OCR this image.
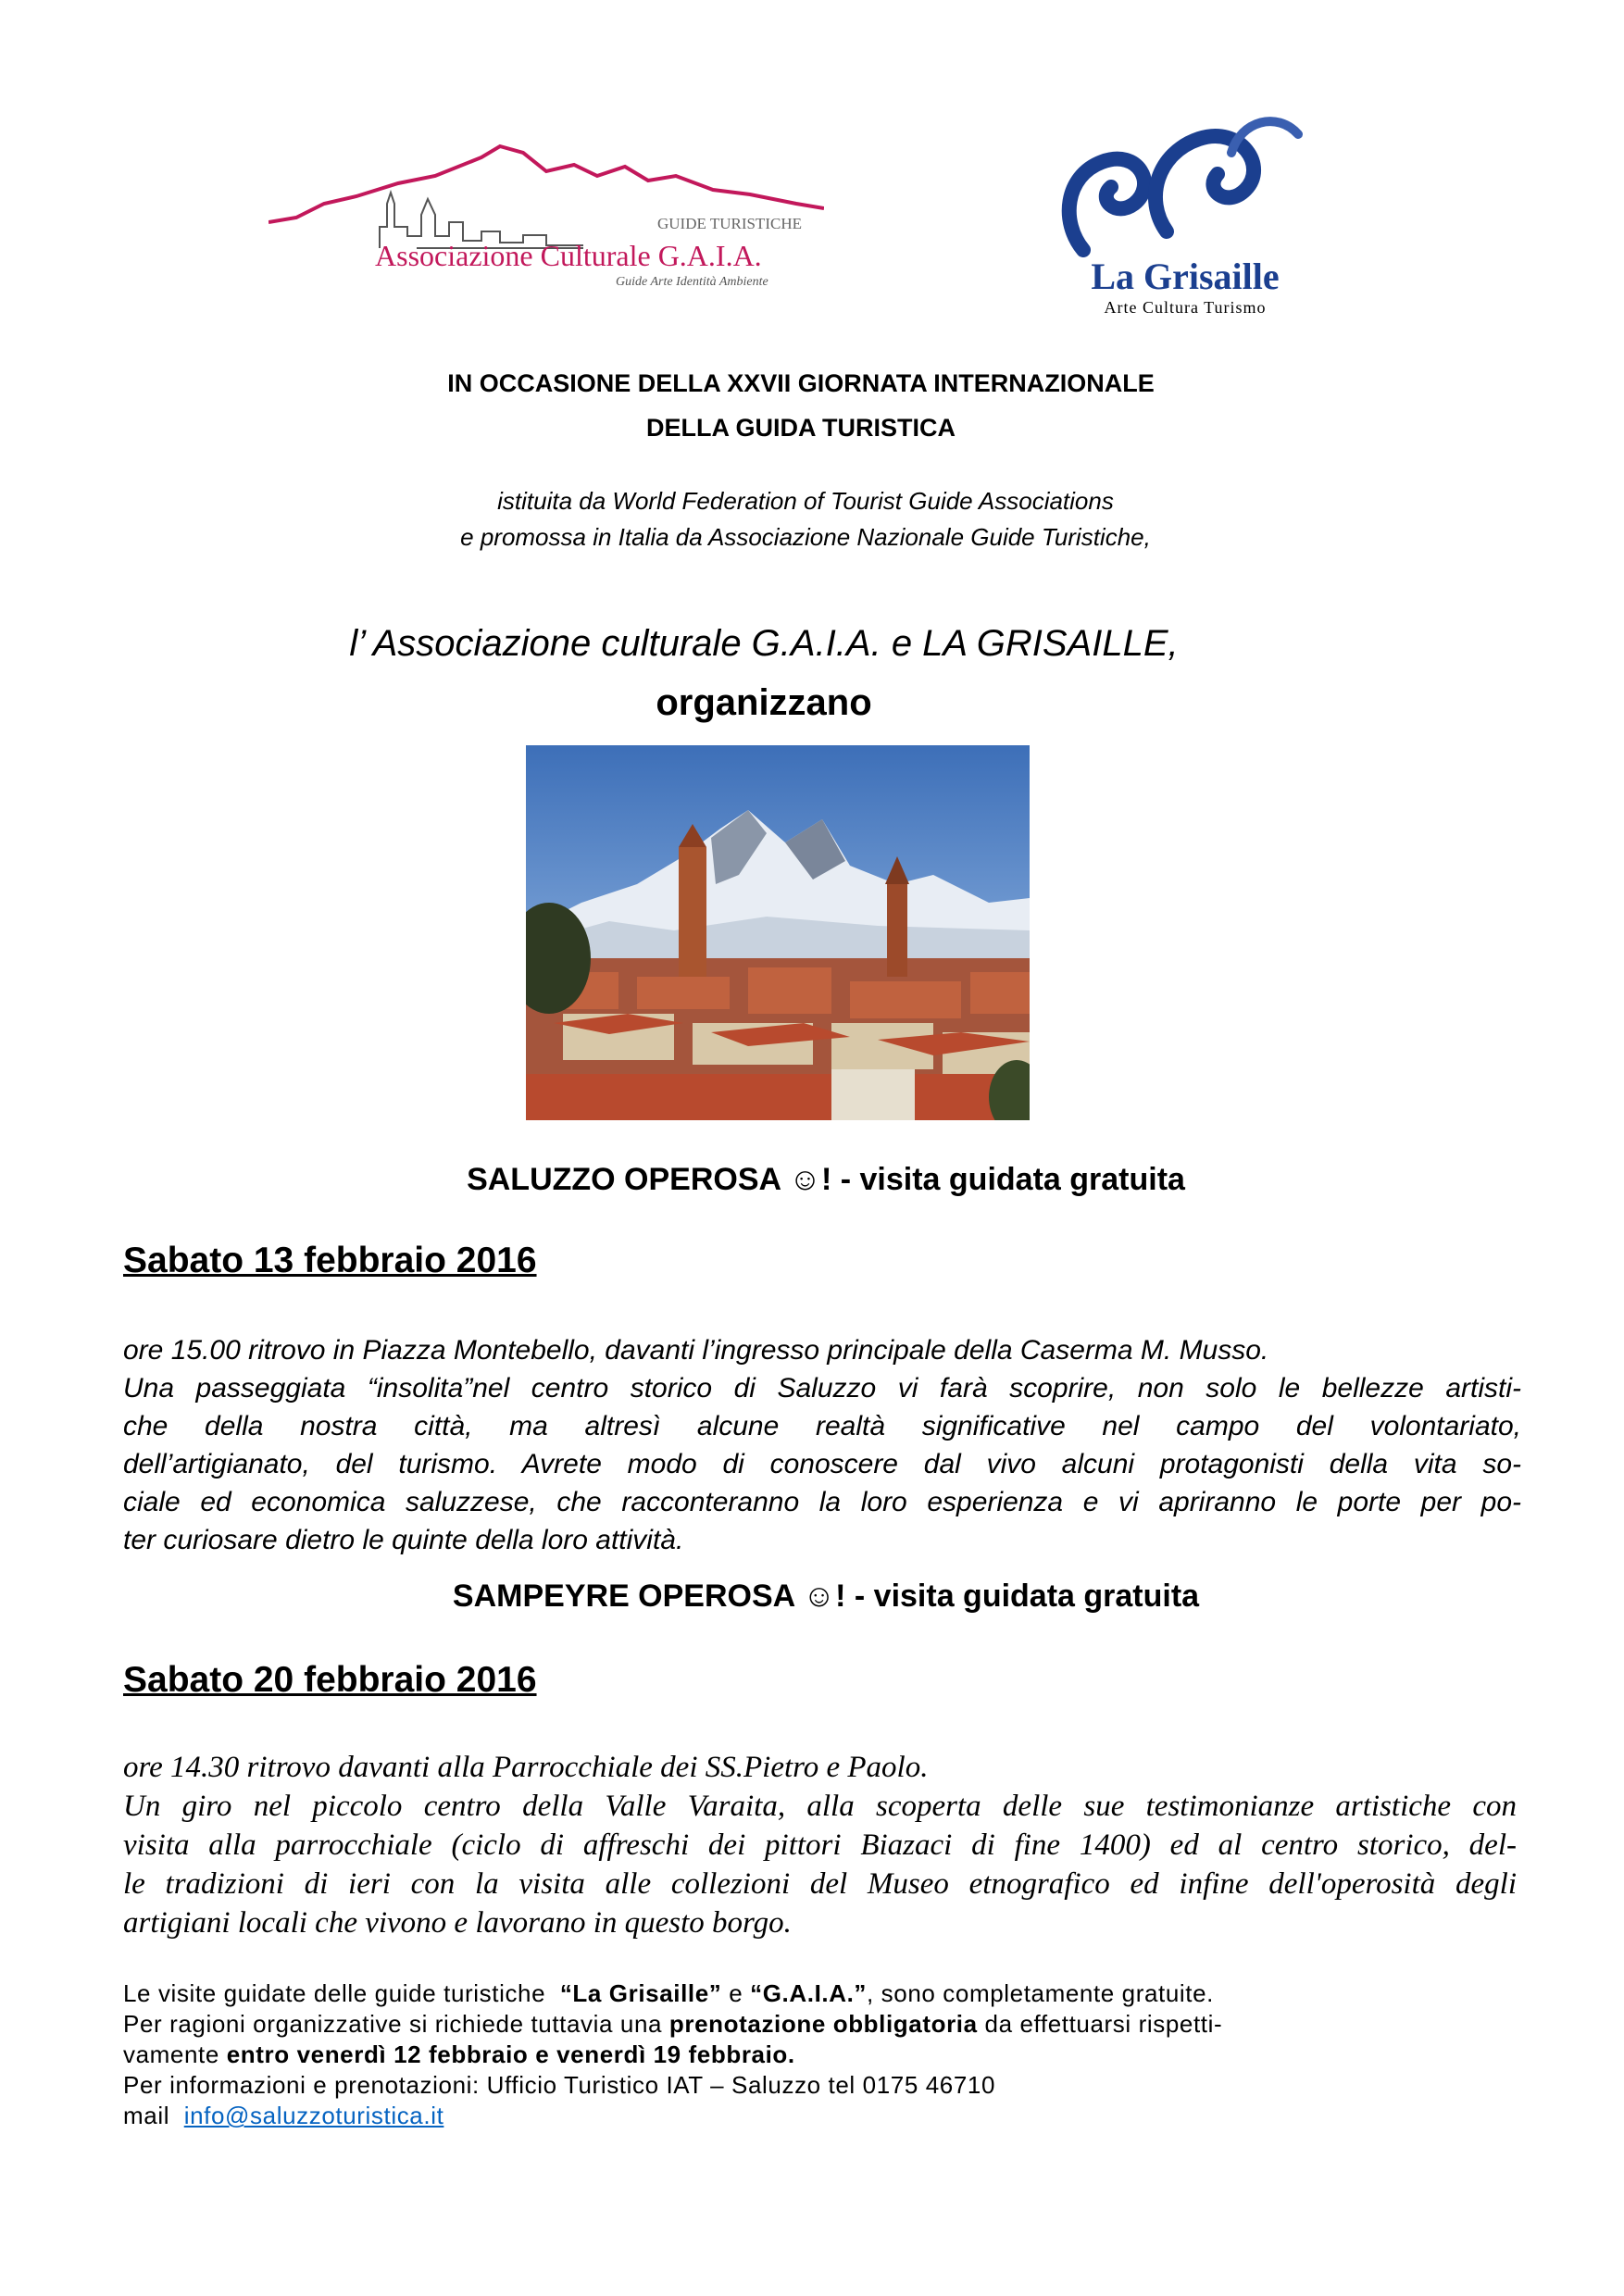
GUIDE TURISTICHE
Associazione Culturale G.A.I.A.
Guide Arte Identità Ambiente	La Grisaille
Arte Cultura Turismo
IN OCCASIONE DELLA XXVII GIORNATA INTERNAZIONALE
DELLA GUIDA TURISTICA
istituita da World Federation of Tourist Guide Associations
e promossa in Italia da Associazione Nazionale Guide Turistiche,
l’ Associazione culturale G.A.I.A. e LA GRISAILLE,
organizzano
SALUZZO OPEROSA ☺! - visita guidata gratuita
Sabato 13 febbraio 2016
ore 15.00 ritrovo in Piazza Montebello, davanti l’ingresso principale della Caserma M. Musso.
Una passeggiata “insolita”nel centro storico di Saluzzo vi farà scoprire, non solo le bellezze artisti-
che della nostra città, ma altresì alcune realtà significative nel campo del volontariato,
dell’artigianato, del turismo. Avrete modo di conoscere dal vivo alcuni protagonisti della vita so-
ciale ed economica saluzzese, che racconteranno la loro esperienza e vi apriranno le porte per po-
ter curiosare dietro le quinte della loro attività.
SAMPEYRE OPEROSA ☺! - visita guidata gratuita
Sabato 20 febbraio 2016
ore 14.30 ritrovo davanti alla Parrocchiale dei SS.Pietro e Paolo.
Un giro nel piccolo centro della Valle Varaita, alla scoperta delle sue testimonianze artistiche con
visita alla parrocchiale (ciclo di affreschi dei pittori Biazaci di fine 1400) ed al centro storico, del-
le tradizioni di ieri con la visita alle collezioni del Museo etnografico ed infine dell'operosità degli
artigiani locali che vivono e lavorano in questo borgo.
Le visite guidate delle guide turistiche  “La Grisaille” e “G.A.I.A.”, sono completamente gratuite.
Per ragioni organizzative si richiede tuttavia una prenotazione obbligatoria da effettuarsi rispetti-
vamente entro venerdì 12 febbraio e venerdì 19 febbraio.
Per informazioni e prenotazioni: Ufficio Turistico IAT – Saluzzo tel 0175 46710
mail  info@saluzzoturistica.it
